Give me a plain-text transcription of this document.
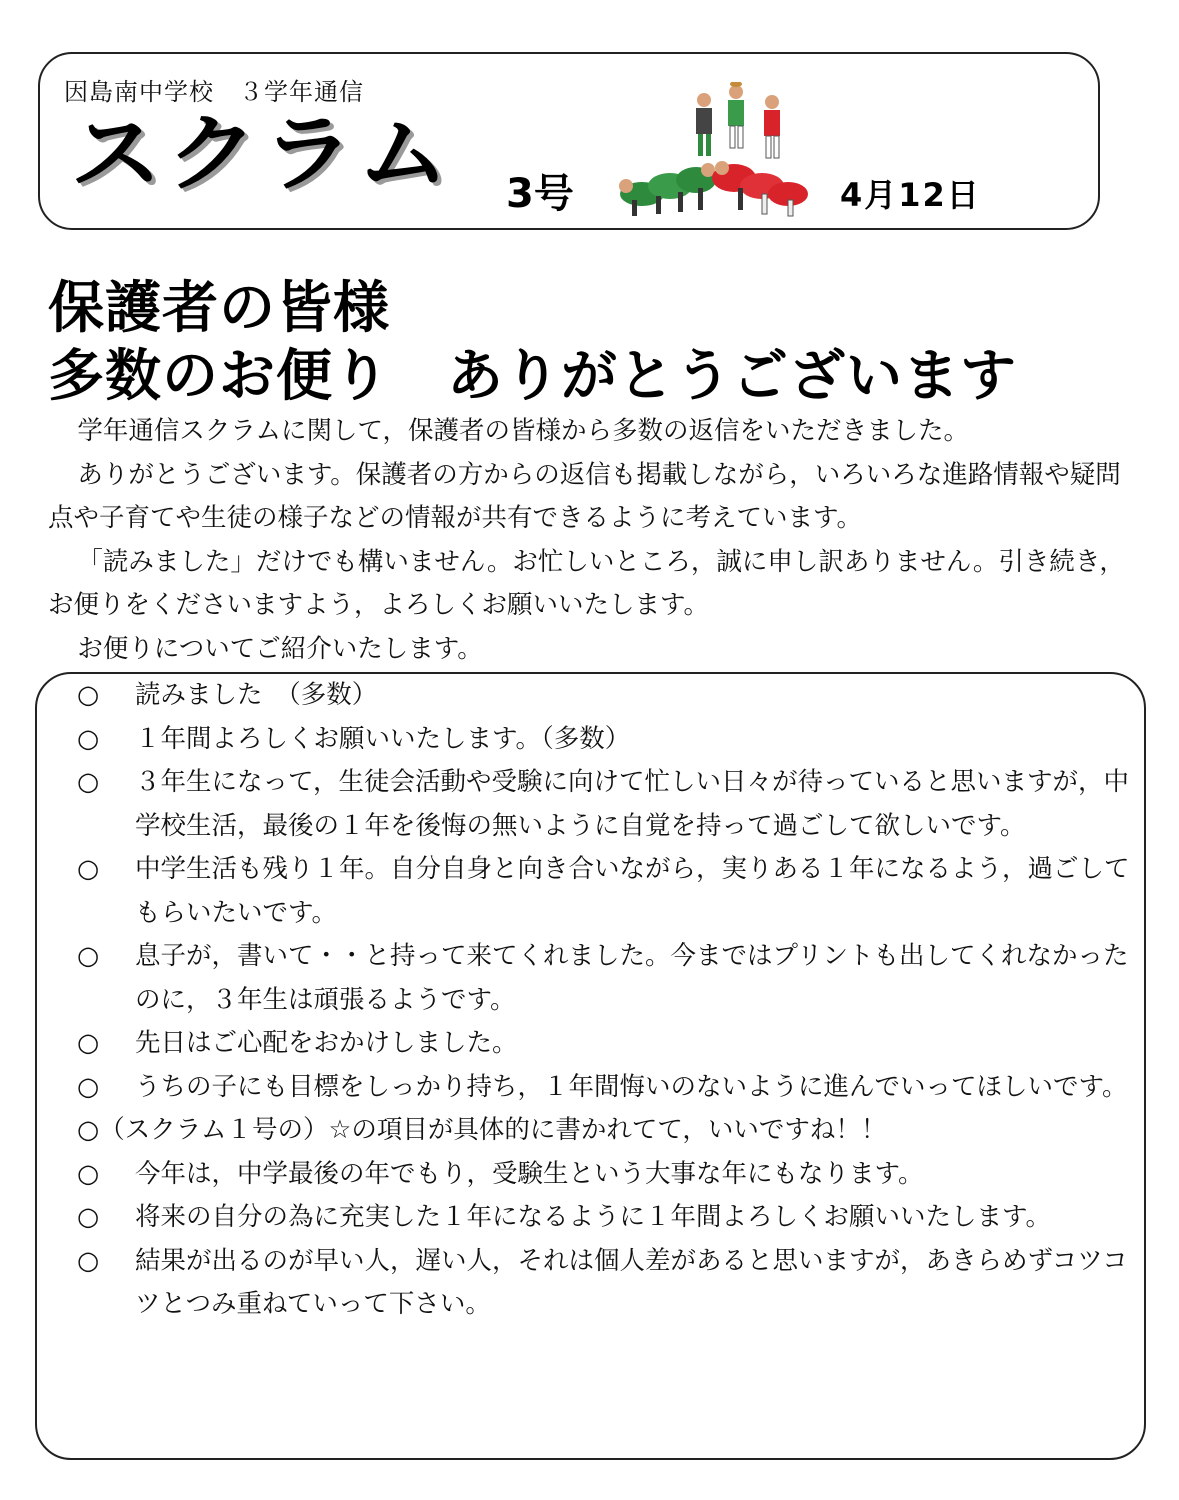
因島南中学校　３学年通信
スクラム 3号	4月12日
保護者の皆様
多数のお便り　ありがとうございます

学年通信スクラムに関して，保護者の皆様から多数の返信をいただきました。

ありがとうございます。保護者の方からの返信も掲載しながら，いろいろな進路情報や疑問点や子育てや生徒の様子などの情報が共有できるように考えています。

「読みました」だけでも構いません。お忙しいところ，誠に申し訳ありません。引き続き，お便りをくださいますよう，よろしくお願いいたします。

お便りについてご紹介いたします。

○	読みました　（多数）
○	１年間よろしくお願いいたします。（多数）
○	３年生になって，生徒会活動や受験に向けて忙しい日々が待っていると思いますが，中学校生活，最後の１年を後悔の無いように自覚を持って過ごして欲しいです。
○	中学生活も残り１年。自分自身と向き合いながら，実りある１年になるよう，過ごしてもらいたいです。
○	息子が，書いて・・と持って来てくれました。今まではプリントも出してくれなかったのに，３年生は頑張るようです。
○	先日はご心配をおかけしました。
○	うちの子にも目標をしっかり持ち，１年間悔いのないように進んでいってほしいです。
○（スクラム１号の）☆の項目が具体的に書かれてて，いいですね！！
○	今年は，中学最後の年でもり，受験生という大事な年にもなります。
○	将来の自分の為に充実した１年になるように１年間よろしくお願いいたします。
○	結果が出るのが早い人，遅い人，それは個人差があると思いますが，あきらめずコツコツとつみ重ねていって下さい。
